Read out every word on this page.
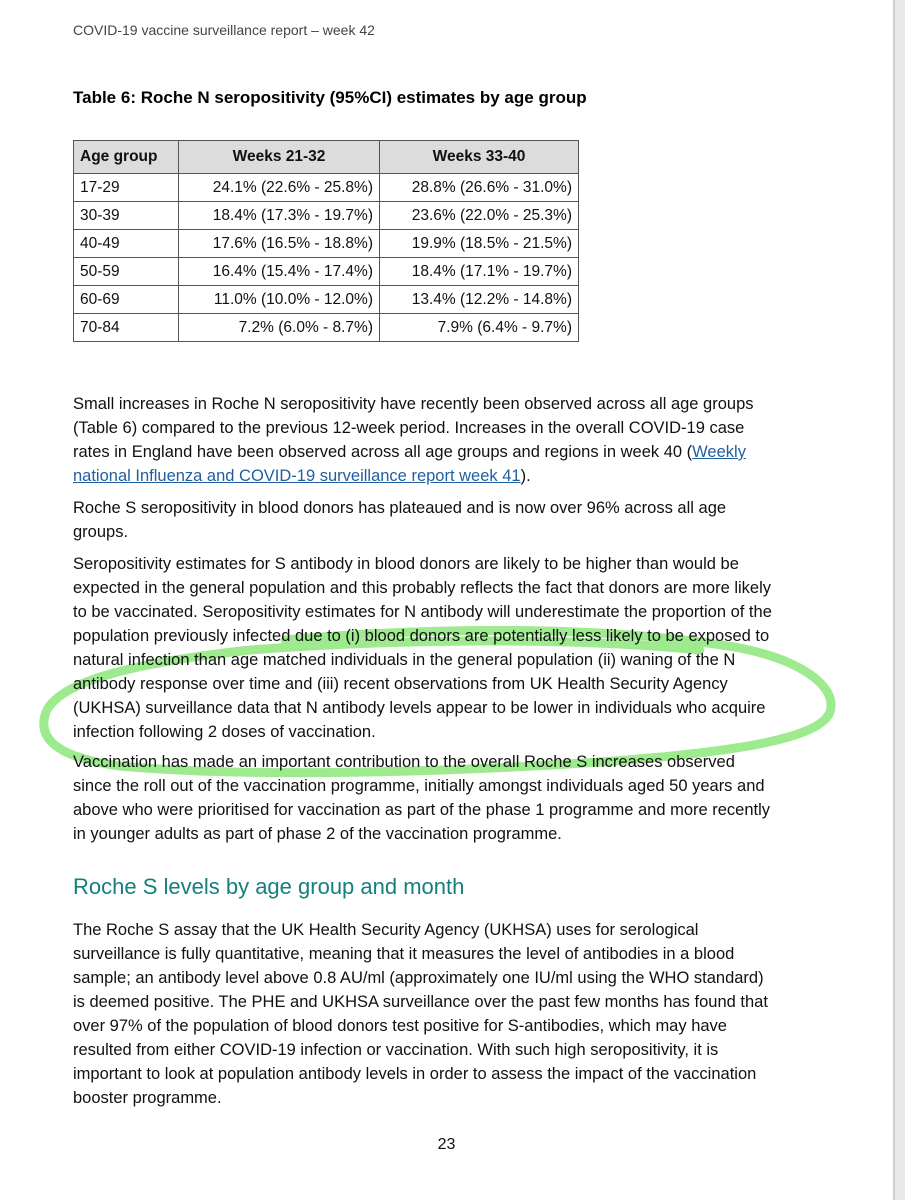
COVID-19 vaccine surveillance report – week 42
Table 6: Roche N seropositivity (95%CI) estimates by age group
Age group	Weeks 21-32	Weeks 33-40
17-29	24.1% (22.6% - 25.8%)	28.8% (26.6% - 31.0%)
30-39	18.4% (17.3% - 19.7%)	23.6% (22.0% - 25.3%)
40-49	17.6% (16.5% - 18.8%)	19.9% (18.5% - 21.5%)
50-59	16.4% (15.4% - 17.4%)	18.4% (17.1% - 19.7%)
60-69	11.0% (10.0% - 12.0%)	13.4% (12.2% - 14.8%)
70-84	7.2% (6.0% - 8.7%)	7.9% (6.4% - 9.7%)

Small increases in Roche N seropositivity have recently been observed across all age groups
(Table 6) compared to the previous 12-week period. Increases in the overall COVID-19 case
rates in England have been observed across all age groups and regions in week 40 (Weekly
national Influenza and COVID-19 surveillance report week 41).

Roche S seropositivity in blood donors has plateaued and is now over 96% across all age
groups.

Seropositivity estimates for S antibody in blood donors are likely to be higher than would be
expected in the general population and this probably reflects the fact that donors are more likely
to be vaccinated. Seropositivity estimates for N antibody will underestimate the proportion of the
population previously infected due to (i) blood donors are potentially less likely to be exposed to
natural infection than age matched individuals in the general population (ii) waning of the N
antibody response over time and (iii) recent observations from UK Health Security Agency
(UKHSA) surveillance data that N antibody levels appear to be lower in individuals who acquire
infection following 2 doses of vaccination.

Vaccination has made an important contribution to the overall Roche S increases observed
since the roll out of the vaccination programme, initially amongst individuals aged 50 years and
above who were prioritised for vaccination as part of the phase 1 programme and more recently
in younger adults as part of phase 2 of the vaccination programme.

Roche S levels by age group and month

The Roche S assay that the UK Health Security Agency (UKHSA) uses for serological
surveillance is fully quantitative, meaning that it measures the level of antibodies in a blood
sample; an antibody level above 0.8 AU/ml (approximately one IU/ml using the WHO standard)
is deemed positive. The PHE and UKHSA surveillance over the past few months has found that
over 97% of the population of blood donors test positive for S-antibodies, which may have
resulted from either COVID-19 infection or vaccination. With such high seropositivity, it is
important to look at population antibody levels in order to assess the impact of the vaccination
booster programme.

23
